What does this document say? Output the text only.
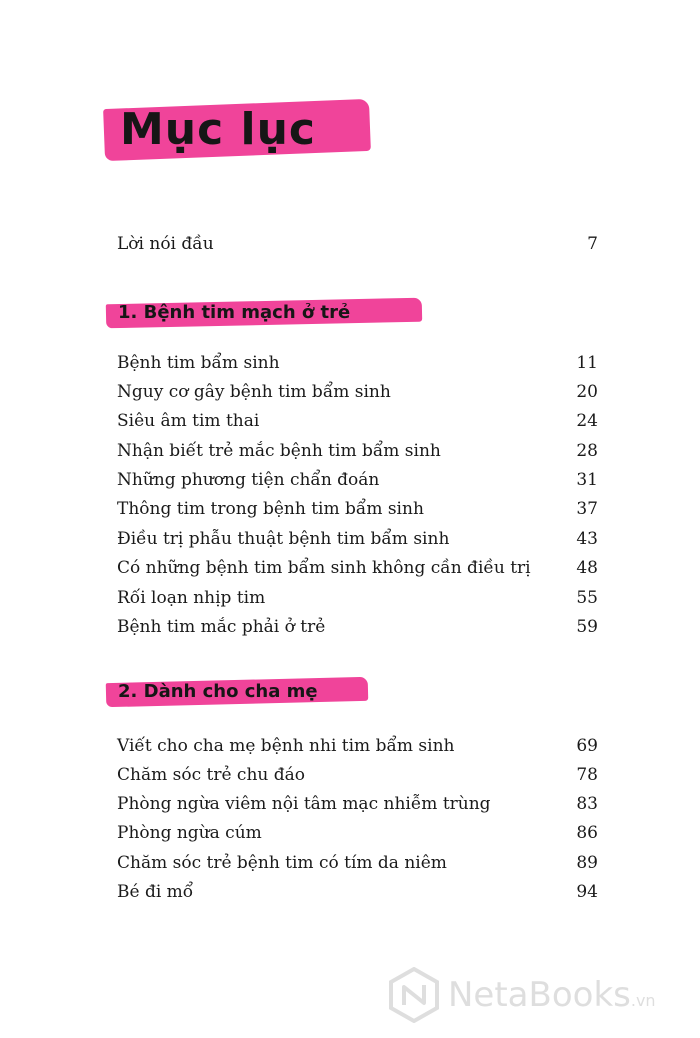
Mục lục
Lời nói đầu	7
1. Bệnh tim mạch ở trẻ
Bệnh tim bẩm sinh	11
Nguy cơ gây bệnh tim bẩm sinh	20
Siêu âm tim thai	24
Nhận biết trẻ mắc bệnh tim bẩm sinh	28
Những phương tiện chẩn đoán	31
Thông tim trong bệnh tim bẩm sinh	37
Điều trị phẫu thuật bệnh tim bẩm sinh	43
Có những bệnh tim bẩm sinh không cần điều trị	48
Rối loạn nhịp tim	55
Bệnh tim mắc phải ở trẻ	59
2. Dành cho cha mẹ
Viết cho cha mẹ bệnh nhi tim bẩm sinh	69
Chăm sóc trẻ chu đáo	78
Phòng ngừa viêm nội tâm mạc nhiễm trùng	83
Phòng ngừa cúm	86
Chăm sóc trẻ bệnh tim có tím da niêm	89
Bé đi mổ	94
NetaBooks.vn
